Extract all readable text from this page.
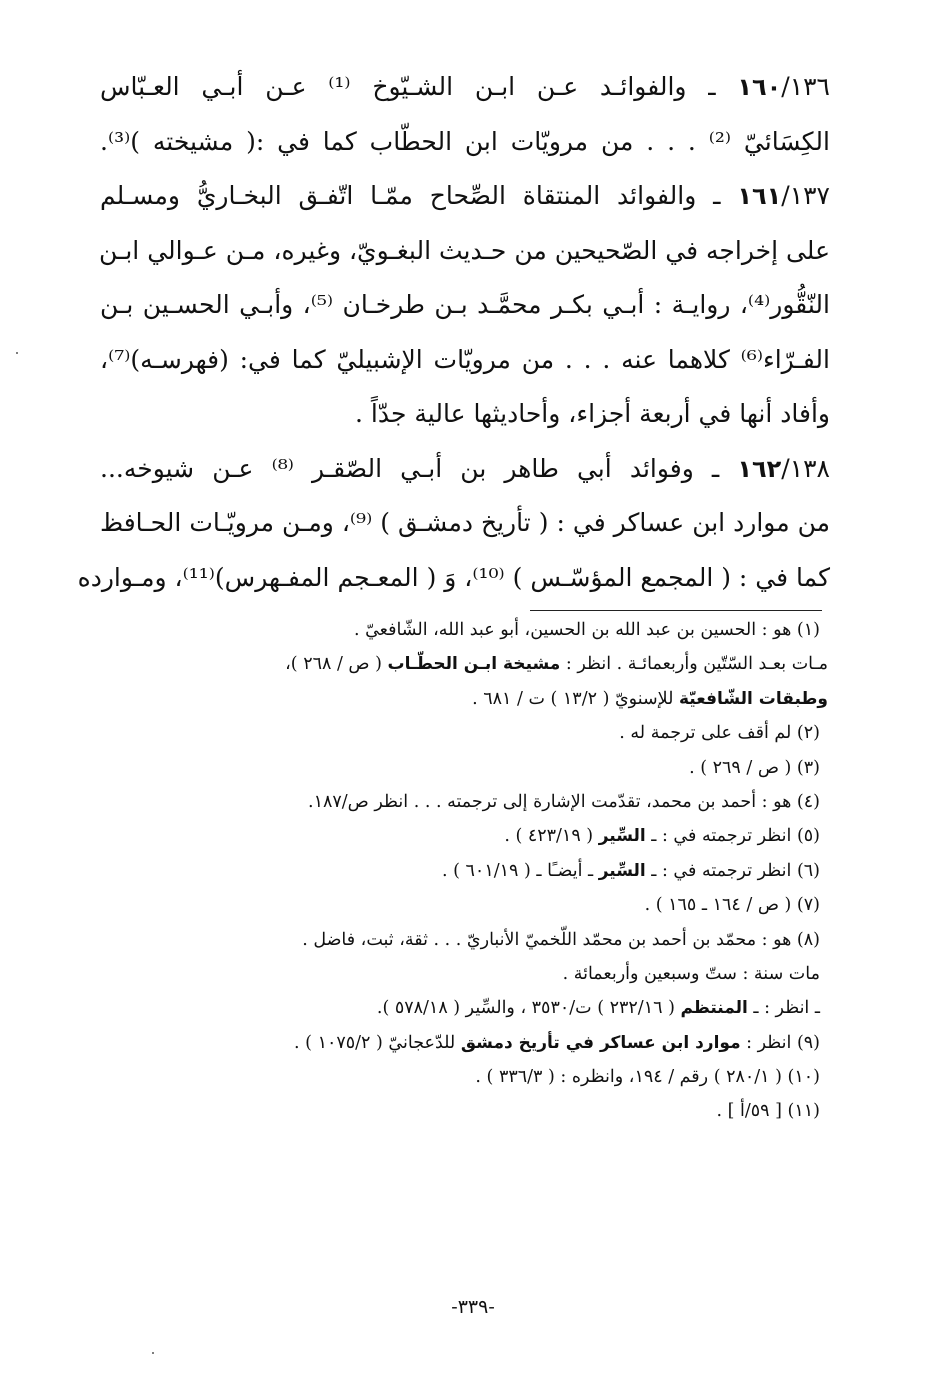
١٦٠/١٣٦ ـ والفوائـد عـن ابـن الشـيّوخ ⁽¹⁾ عـن أبـي العـبّاس
الكِسَائيّ ⁽²⁾ . . . من مرويّات ابن الحطّاب كما في :( مشيخته )⁽³⁾.
١٦١/١٣٧ ـ والفوائد المنتقاة الصِّحاح ممّـا اتّفـق البخـاريُّ ومسـلم
على إخراجه في الصّحيحين من حـديث البغـويّ، وغيره، مـن عـوالي ابـن
النّقُّور⁽⁴⁾، روايـة : أبـي بكـر محمَّـد بـن طرخـان ⁽⁵⁾، وأبـي الحسـين بـن
الفـرّاء⁽⁶⁾ كلاهما عنه . . . من مرويّات الإشبيليّ كما في: (فهرسـه)⁽⁷⁾،
وأفاد أنها في أربعة أجزاء، وأحاديثها عالية جدّاً .
١٦٢/١٣٨ ـ وفوائد أبي طاهر بن أبـي الصّقـر ⁽⁸⁾ عـن شيوخه...
من موارد ابن عساكر في : ( تأريخ دمشـق ) ⁽⁹⁾، ومـن مرويّـات الحـافظ
كما في : ( المجمع المؤسّـس ) ⁽¹⁰⁾، وَ ( المعـجم المفـهرس)⁽¹¹⁾، ومـوارده
(١) هو : الحسين بن عبد الله بن الحسين، أبو عبد الله، الشّافعيّ .
مـات بعـد السّتّين وأربعمائـة . انظر : مشيخة ابـن الحطّـاب ( ص / ٢٦٨ )،
وطبقات الشّافعيّة للإسنويّ ( ١٣/٢ ) ت / ٦٨١ .
(٢) لم أقف على ترجمة له .
(٣) ( ص / ٢٦٩ ) .
(٤) هو : أحمد بن محمد، تقدّمت الإشارة إلى ترجمته . . . انظر ص/١٨٧.
(٥) انظر ترجمته في : ـ السِّير ( ٤٢٣/١٩ ) .
(٦) انظر ترجمته في : ـ السِّير ـ أيضـًا ـ ( ٦٠١/١٩ ) .
(٧) ( ص / ١٦٤ ـ ١٦٥ ) .
(٨) هو : محمّد بن أحمد بن محمّد اللّخميّ الأنباريّ . . . ثقة، ثبت، فاضل .
مات سنة : ستّ وسبعين وأربعمائة .
ـ انظر : ـ المنتظم ( ٢٣٢/١٦ ) ت/٣٥٣٠ ، والسِّير ( ٥٧٨/١٨ ).
(٩) انظر : موارد ابن عساكر في تأريخ دمشق للدّعجانيّ ( ١٠٧٥/٢ ) .
(١٠) ( ٢٨٠/١ ) رقم / ١٩٤، وانظره : ( ٣٣٦/٣ ) .
(١١) [ ٥٩/أ ] .
-٣٣٩-
